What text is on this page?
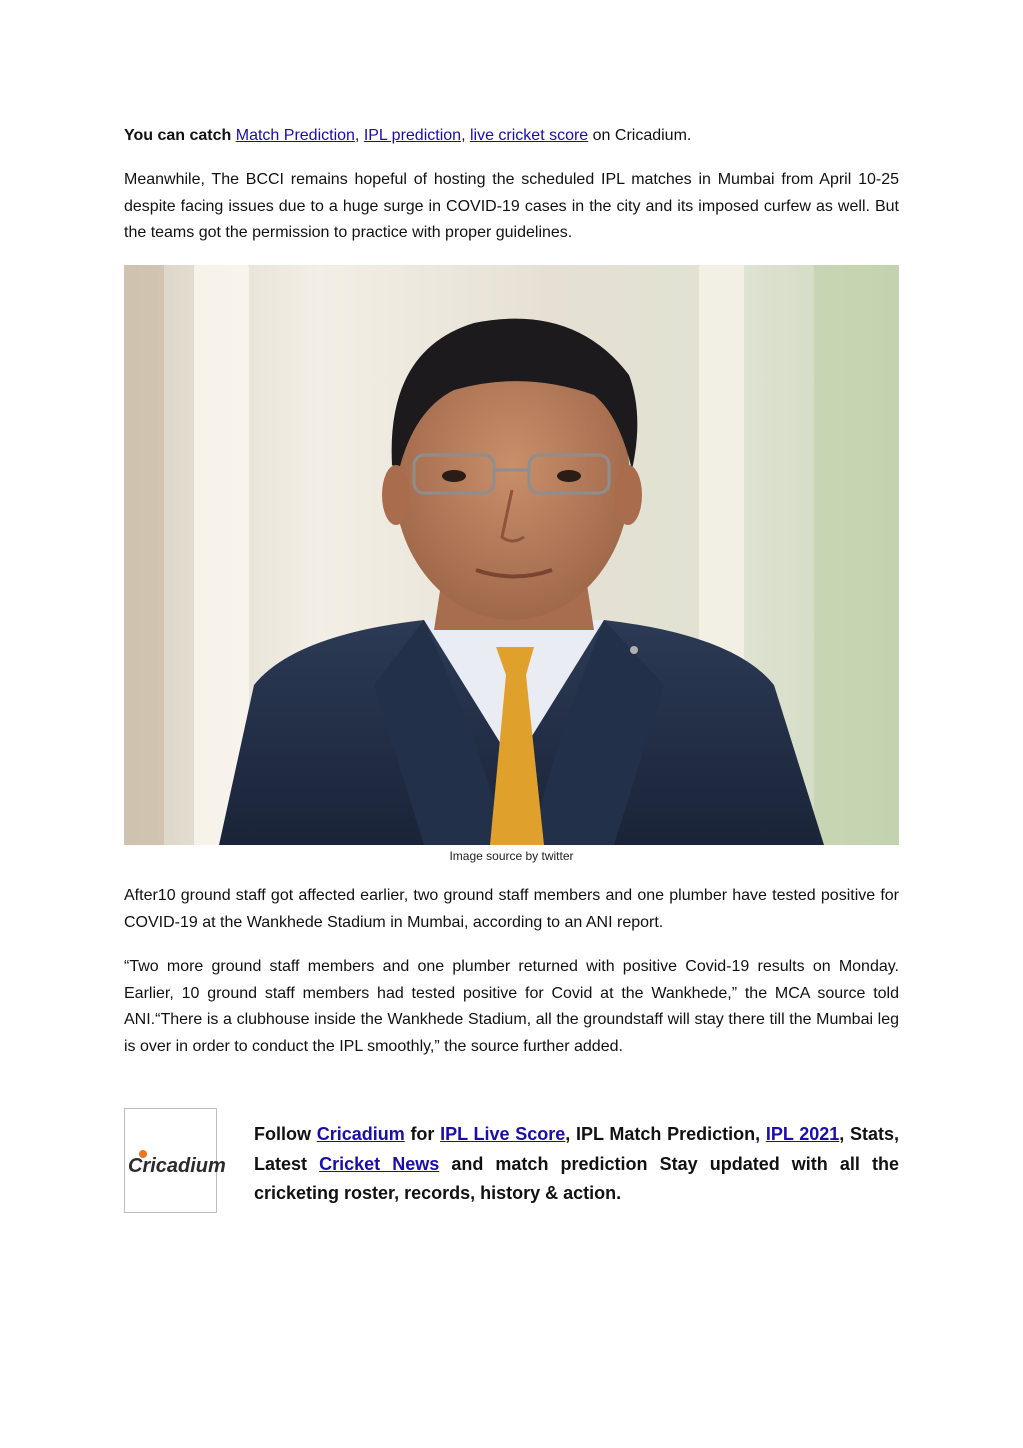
You can catch Match Prediction, IPL prediction, live cricket score on Cricadium.

Meanwhile, The BCCI remains hopeful of hosting the scheduled IPL matches in Mumbai from April 10-25 despite facing issues due to a huge surge in COVID-19 cases in the city and its imposed curfew as well. But the teams got the permission to practice with proper guidelines.

Image source by twitter

After10 ground staff got affected earlier, two ground staff members and one plumber have tested positive for COVID-19 at the Wankhede Stadium in Mumbai, according to an ANI report.

“Two more ground staff members and one plumber returned with positive Covid-19 results on Monday. Earlier, 10 ground staff members had tested positive for Covid at the Wankhede,” the MCA source told ANI.“There is a clubhouse inside the Wankhede Stadium, all the groundstaff will stay there till the Mumbai leg is over in order to conduct the IPL smoothly,” the source further added.

Cricadium

Follow Cricadium for IPL Live Score, IPL Match Prediction, IPL 2021, Stats, Latest Cricket News and match prediction Stay updated with all the cricketing roster, records, history & action.
